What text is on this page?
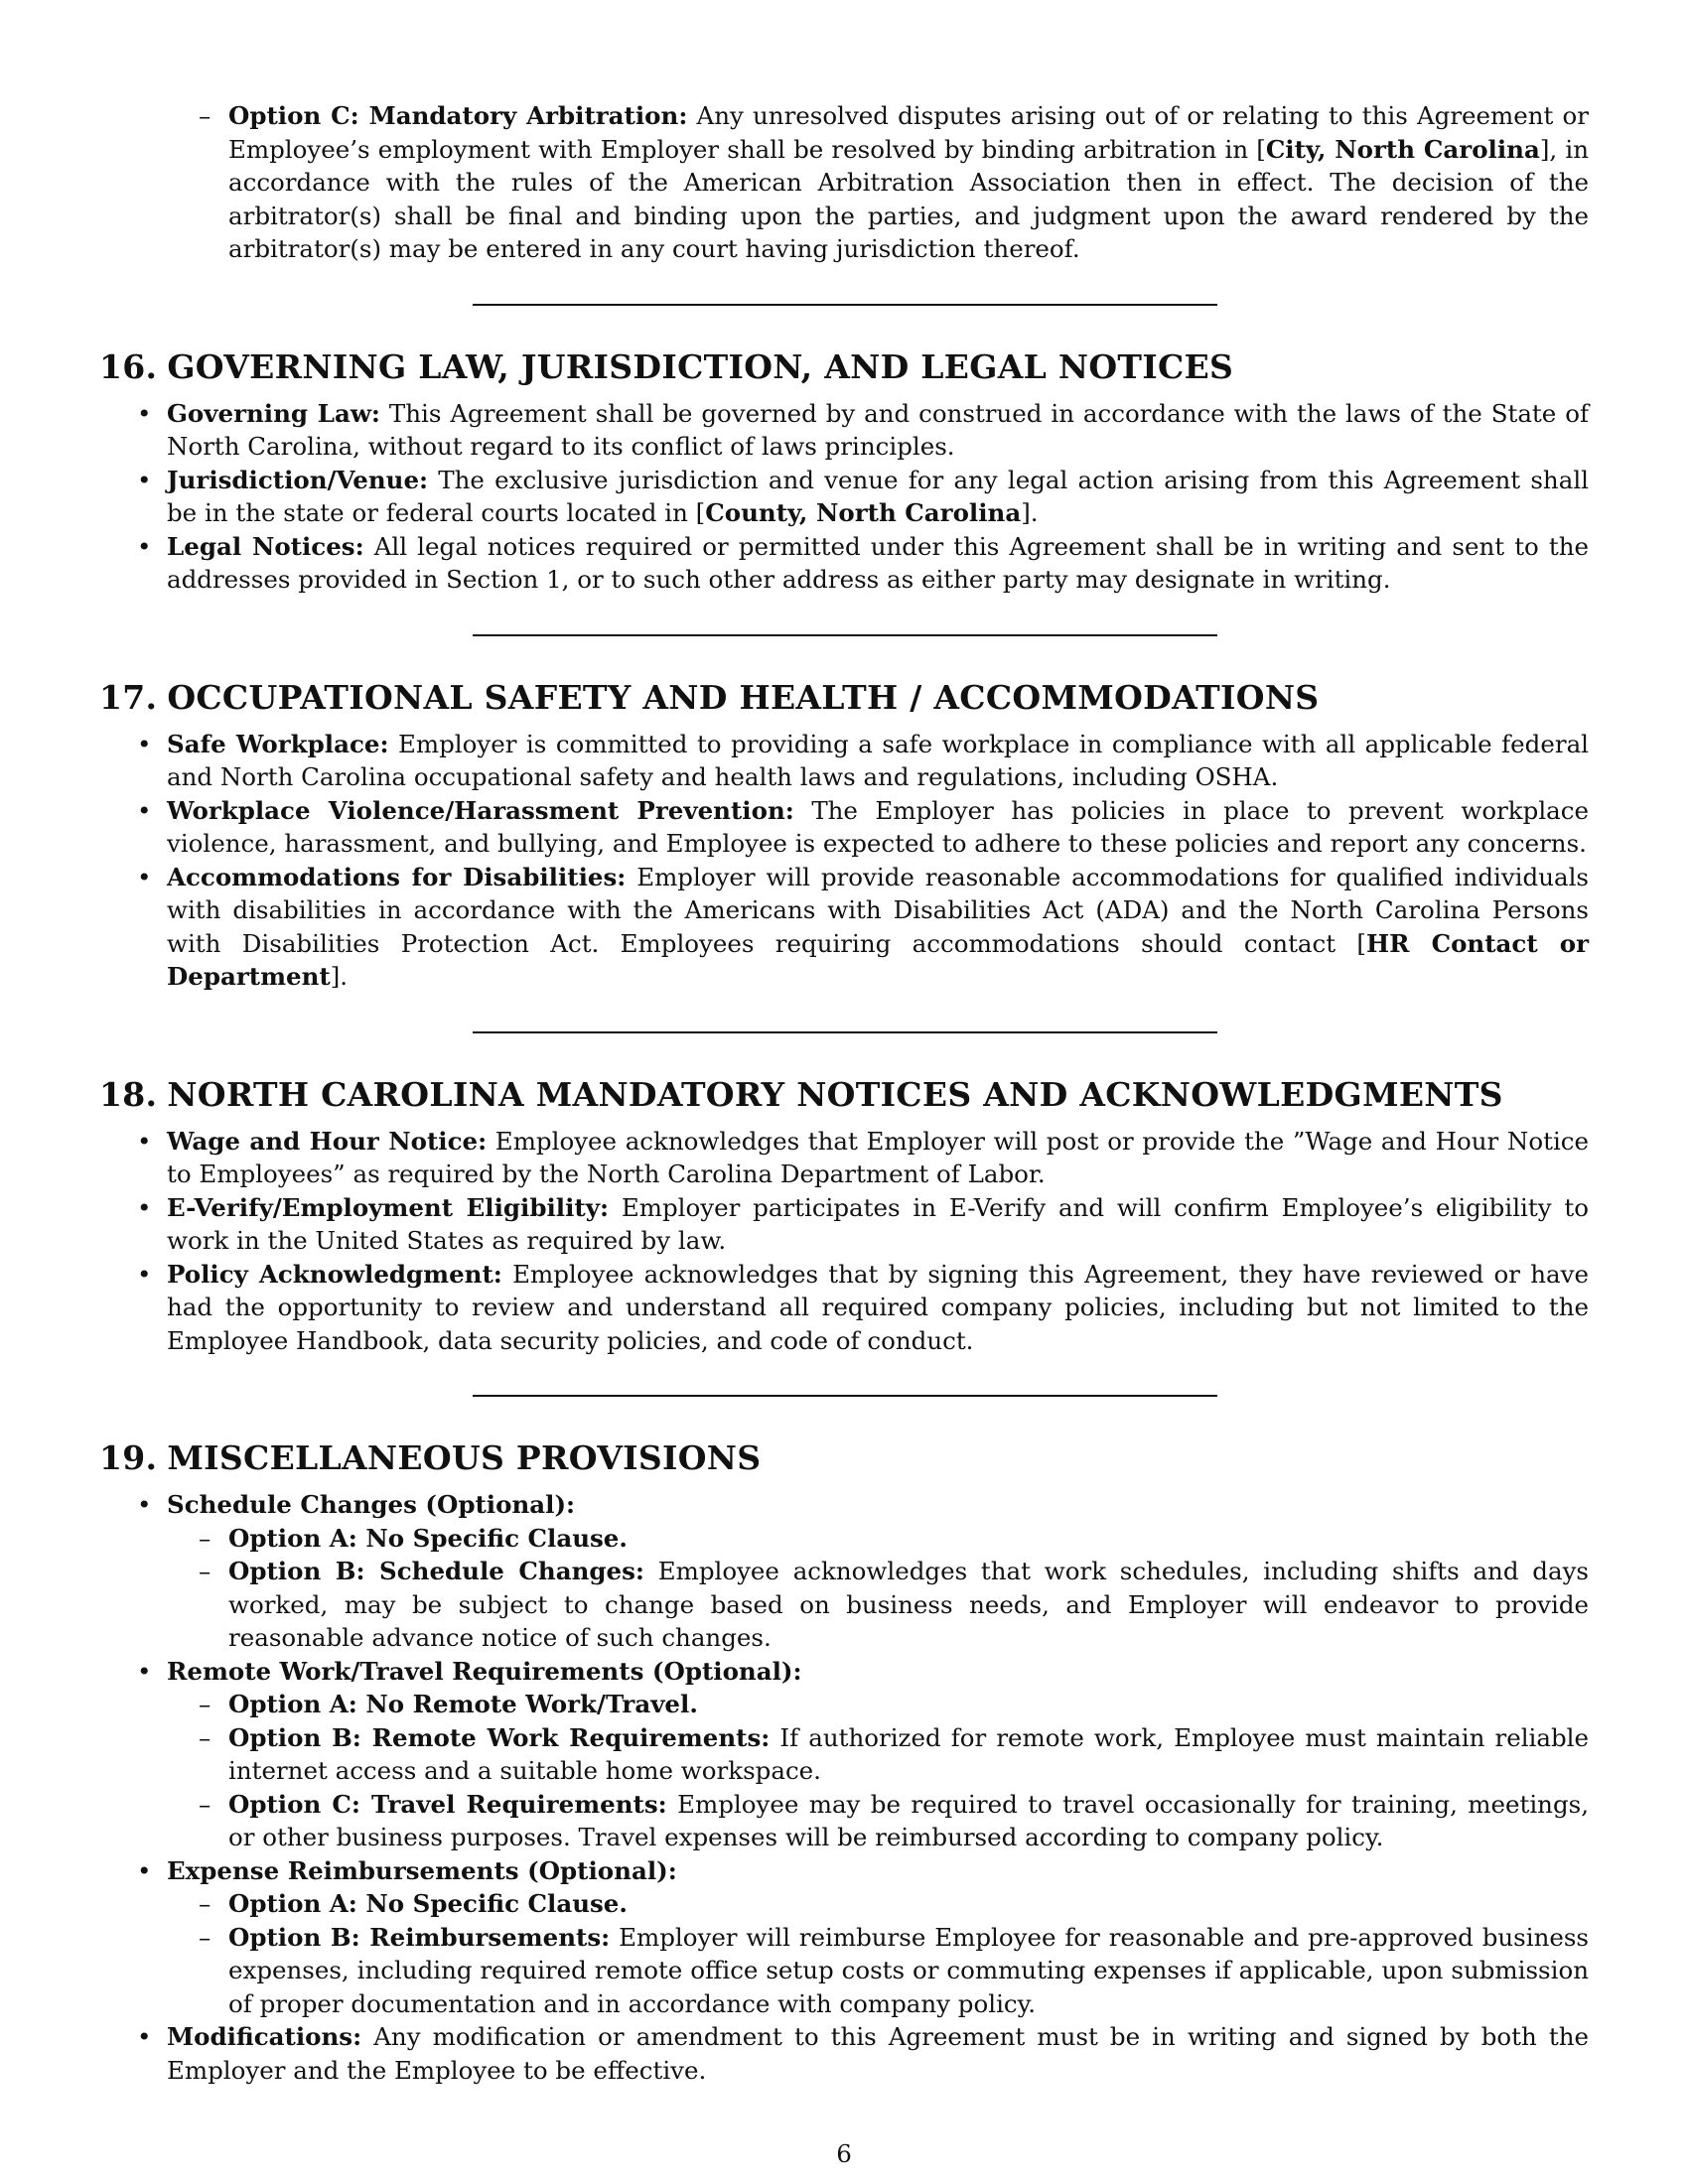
– Option C: Mandatory Arbitration: Any unresolved disputes arising out of or relating to this Agreement or Employee’s employment with Employer shall be resolved by binding arbitration in [City, North Carolina], in accordance with the rules of the American Arbitration Association then in effect. The decision of the arbitrator(s) shall be final and binding upon the parties, and judgment upon the award rendered by the arbitrator(s) may be entered in any court having jurisdiction thereof.

16. GOVERNING LAW, JURISDICTION, AND LEGAL NOTICES

• Governing Law: This Agreement shall be governed by and construed in accordance with the laws of the State of North Carolina, without regard to its conflict of laws principles.

• Jurisdiction/Venue: The exclusive jurisdiction and venue for any legal action arising from this Agreement shall be in the state or federal courts located in [County, North Carolina].

• Legal Notices: All legal notices required or permitted under this Agreement shall be in writing and sent to the addresses provided in Section 1, or to such other address as either party may designate in writing.

17. OCCUPATIONAL SAFETY AND HEALTH / ACCOMMODATIONS

• Safe Workplace: Employer is committed to providing a safe workplace in compliance with all applicable federal and North Carolina occupational safety and health laws and regulations, including OSHA.

• Workplace Violence/Harassment Prevention: The Employer has policies in place to prevent workplace violence, harassment, and bullying, and Employee is expected to adhere to these policies and report any concerns.

• Accommodations for Disabilities: Employer will provide reasonable accommodations for qualified individuals with disabilities in accordance with the Americans with Disabilities Act (ADA) and the North Carolina Persons with Disabilities Protection Act. Employees requiring accommodations should contact [HR Contact or Department].

18. NORTH CAROLINA MANDATORY NOTICES AND ACKNOWLEDGMENTS

• Wage and Hour Notice: Employee acknowledges that Employer will post or provide the ”Wage and Hour Notice to Employees” as required by the North Carolina Department of Labor.

• E-Verify/Employment Eligibility: Employer participates in E-Verify and will confirm Employee’s eligibility to work in the United States as required by law.

• Policy Acknowledgment: Employee acknowledges that by signing this Agreement, they have reviewed or have had the opportunity to review and understand all required company policies, including but not limited to the Employee Handbook, data security policies, and code of conduct.

19. MISCELLANEOUS PROVISIONS

• Schedule Changes (Optional):

– Option A: No Specific Clause.

– Option B: Schedule Changes: Employee acknowledges that work schedules, including shifts and days worked, may be subject to change based on business needs, and Employer will endeavor to provide reasonable advance notice of such changes.

• Remote Work/Travel Requirements (Optional):

– Option A: No Remote Work/Travel.

– Option B: Remote Work Requirements: If authorized for remote work, Employee must maintain reliable internet access and a suitable home workspace.

– Option C: Travel Requirements: Employee may be required to travel occasionally for training, meetings, or other business purposes. Travel expenses will be reimbursed according to company policy.

• Expense Reimbursements (Optional):

– Option A: No Specific Clause.

– Option B: Reimbursements: Employer will reimburse Employee for reasonable and pre-approved business expenses, including required remote office setup costs or commuting expenses if applicable, upon submission of proper documentation and in accordance with company policy.

• Modifications: Any modification or amendment to this Agreement must be in writing and signed by both the Employer and the Employee to be effective.

6
